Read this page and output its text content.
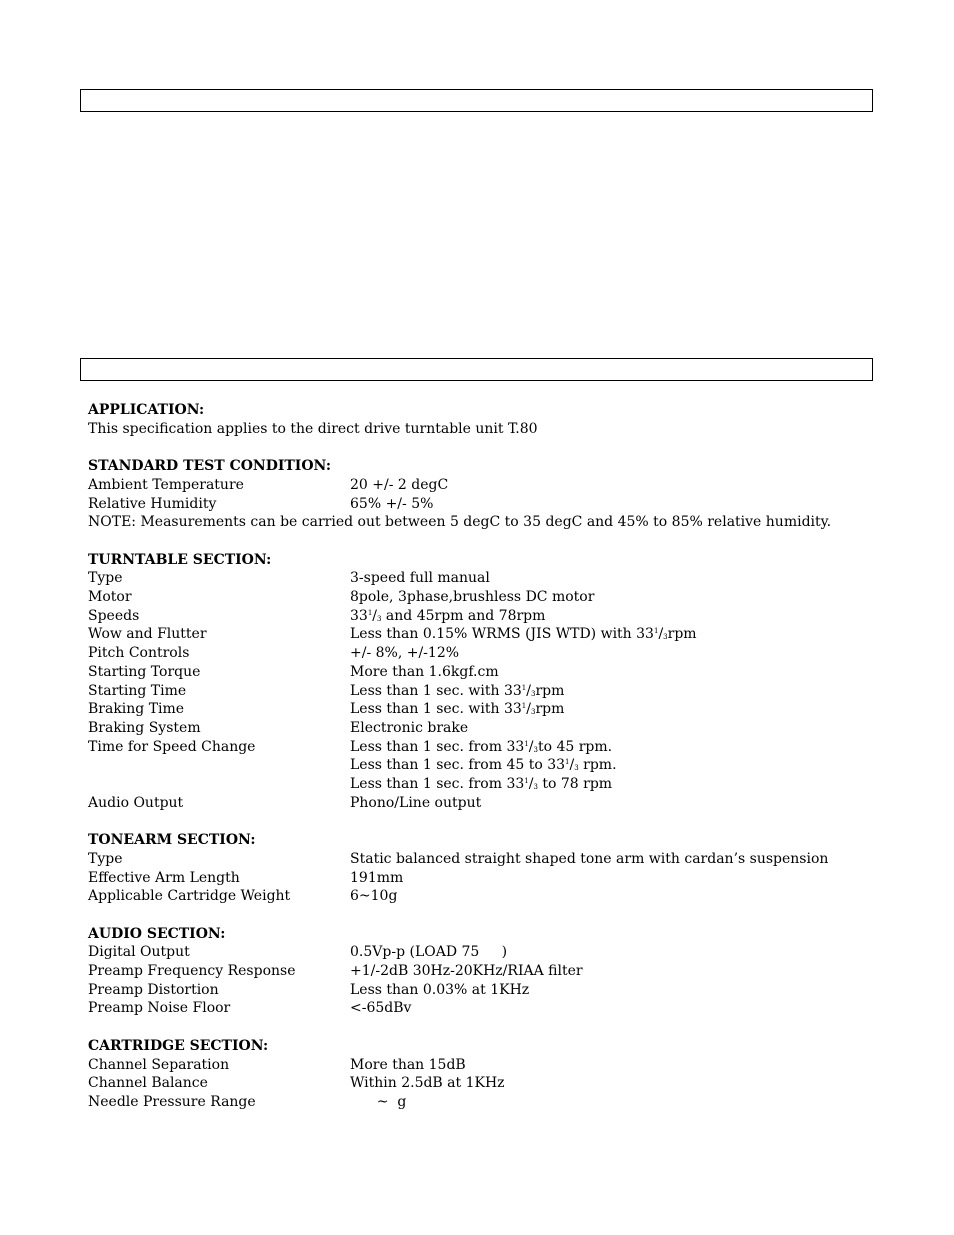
APPLICATION:
This specification applies to the direct drive turntable unit T.80
STANDARD TEST CONDITION:
Ambient Temperature	20 +/- 2 degC
Relative Humidity	65% +/- 5%
NOTE: Measurements can be carried out between 5 degC to 35 degC and 45% to 85% relative humidity.
TURNTABLE SECTION:
Type	3-speed full manual
Motor	8pole, 3phase,brushless DC motor
Speeds	$33^1/_3$ and 45rpm and 78rpm
Wow and Flutter	Less than 0.15% WRMS (JIS WTD) with $33^1/_3rpm$
Pitch Controls	+/- 8%, +/-12%
Starting Torque	More than 1.6kgf.cm
Starting Time	Less than 1 sec. with $33^1/_3rpm$
Braking Time	Less than 1 sec. with $33^1/_3rpm$
Braking System	Electronic brake
Time for Speed Change	Less than 1 sec. from $33^1/_3to$ 45 rpm.
Less than 1 sec. from 45 to $33^1/_3$ rpm.
Less than 1 sec. from $33^1/_3$ to 78 rpm
Audio Output	Phono/Line output
TONEARM SECTION:
Type	Static balanced straight shaped tone arm with cardan’s suspension
Effective Arm Length	191mm
Applicable Cartridge Weight	6~10g
AUDIO SECTION:
Digital Output	0.5Vp-p (LOAD 75     )
Preamp Frequency Response	+1/-2dB 30Hz-20KHz/RIAA filter
Preamp Distortion	Less than 0.03% at 1KHz
Preamp Noise Floor	<-65dBv
CARTRIDGE SECTION:
Channel Separation	More than 15dB
Channel Balance	Within 2.5dB at 1KHz
Needle Pressure Range	~  g
